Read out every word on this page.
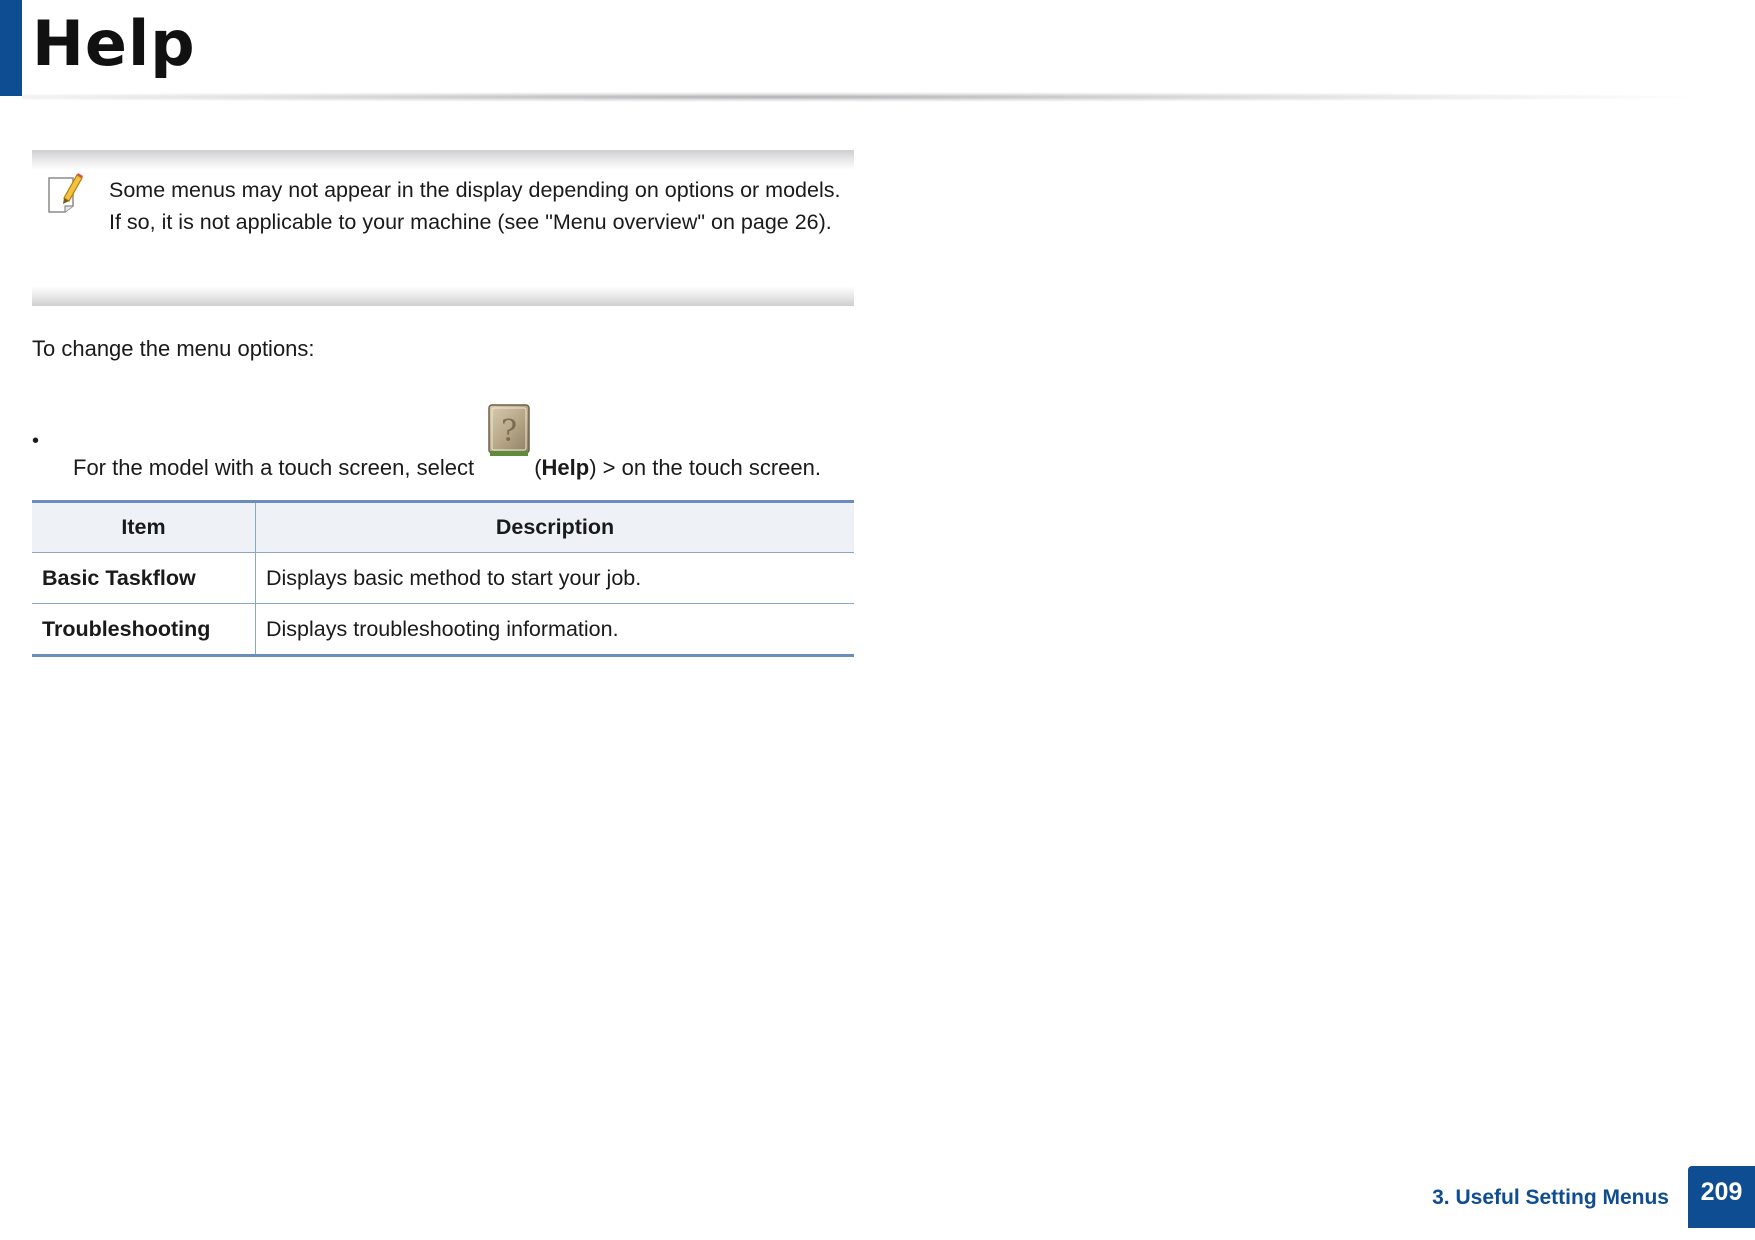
Help

Some menus may not appear in the display depending on options or models. If so, it is not applicable to your machine (see "Menu overview" on page 26).

To change the menu options:

•
For the model with a touch screen, select
?
(Help) > on the touch screen.
Item	Description
Basic Taskflow	Displays basic method to start your job.
Troubleshooting	Displays troubleshooting information.
3. Useful Setting Menus	209
